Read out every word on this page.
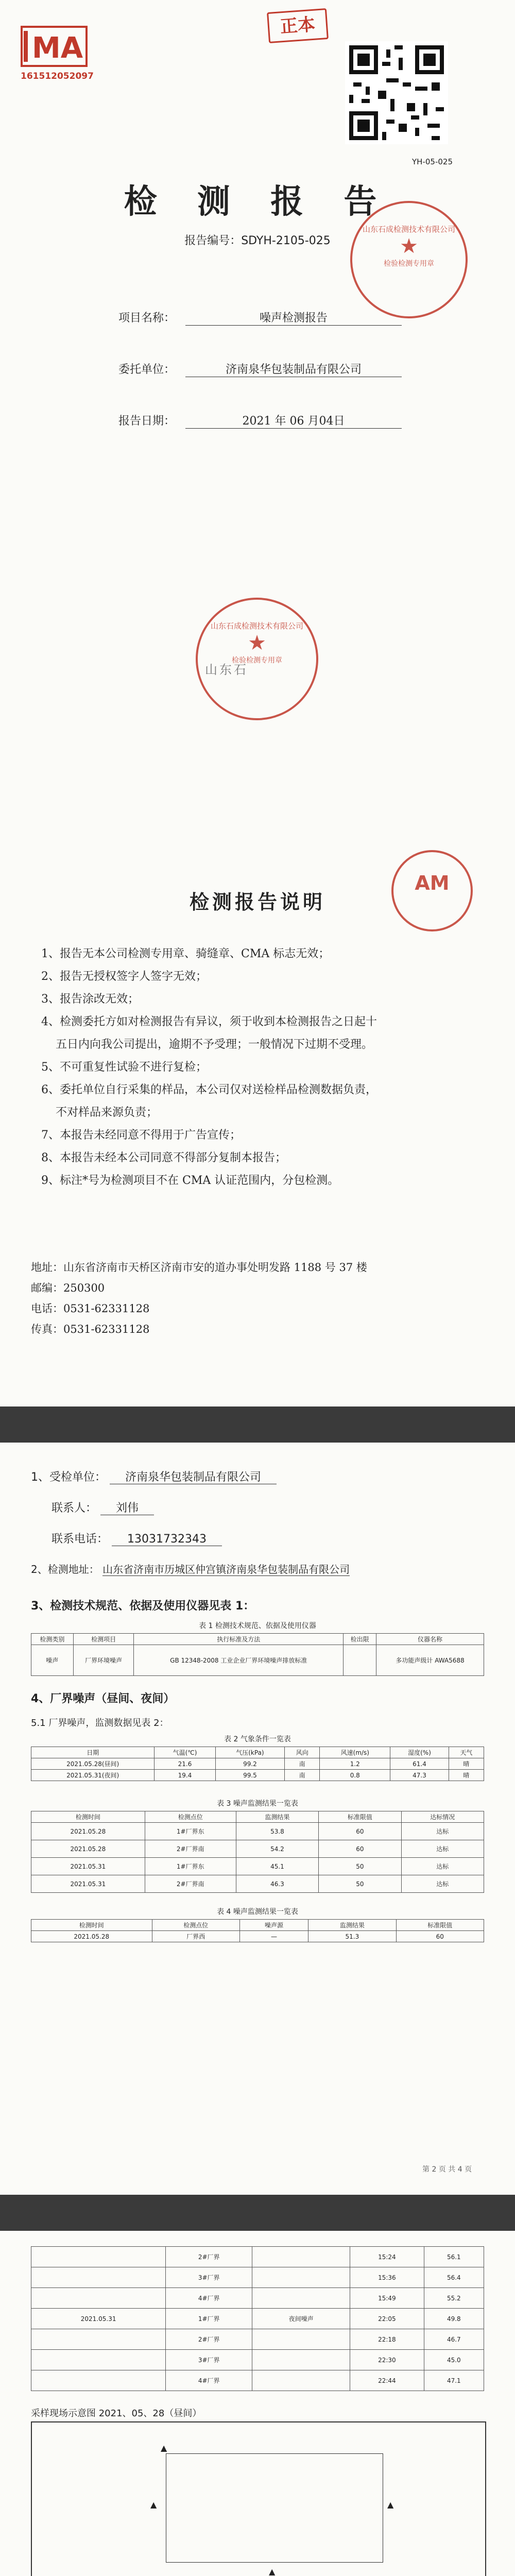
MA
161512052097
正本
YH-05-025
检 测 报 告
报告编号：SDYH-2105-025
项目名称：	噪声检测报告
委托单位：	济南泉华包装制品有限公司
报告日期：	2021 年 06 月04日
山东石成检测技术有限公司
★
检验检测专用章
山东石成检测技术有限公司
★
检验检测专用章
山东石
检测报告说明
AM
1、报告无本公司检测专用章、骑缝章、CMA 标志无效；
2、报告无授权签字人签字无效；
3、报告涂改无效；
4、检测委托方如对检测报告有异议，须于收到本检测报告之日起十
五日内向我公司提出，逾期不予受理；一般情况下过期不受理。
5、不可重复性试验不进行复检；
6、委托单位自行采集的样品，本公司仅对送检样品检测数据负责，
不对样品来源负责；
7、本报告未经同意不得用于广告宣传；
8、本报告未经本公司同意不得部分复制本报告；
9、标注*号为检测项目不在 CMA 认证范围内，分包检测。
地址：山东省济南市天桥区济南市安的道办事处明发路 1188 号 37 楼
邮编：250300
电话：0531-62331128
传真：0531-62331128
1、受检单位： 济南泉华包装制品有限公司
联系人： 刘伟
联系电话： 13031732343
2、检测地址： 山东省济南市历城区仲宫镇济南泉华包装制品有限公司
3、检测技术规范、依据及使用仪器见表 1：
表 1 检测技术规范、依据及使用仪器
检测类别	检测项目	执行标准及方法	检出限	仪器名称
噪声	厂界环境噪声	GB 12348-2008 工业企业厂界环境噪声排放标准		多功能声级计 AWA5688
4、厂界噪声（昼间、夜间）
5.1 厂界噪声，监测数据见表 2：
表 2 气象条件一览表
日期	气温(℃)	气压(kPa)	风向	风速(m/s)	湿度(%)	天气
2021.05.28(昼间)	21.6	99.2	南	1.2	61.4	晴
2021.05.31(夜间)	19.4	99.5	南	0.8	47.3	晴
表 3 噪声监测结果一览表
检测时间	检测点位	监测结果	标准限值	达标情况
2021.05.28	1#厂界东	53.8	60	达标
2021.05.28	2#厂界南	54.2	60	达标
2021.05.31	1#厂界东	45.1	50	达标
2021.05.31	2#厂界南	46.3	50	达标
表 4 噪声监测结果一览表
检测时间	检测点位	噪声源	监测结果	标准限值
2021.05.28	厂界西	—	51.3	60
第 2 页 共 4 页
	2#厂界		15:24	56.1
	3#厂界		15:36	56.4
	4#厂界		15:49	55.2
2021.05.31	1#厂界	夜间噪声	22:05	49.8
	2#厂界		22:18	46.7
	3#厂界		22:30	45.0
	4#厂界		22:44	47.1
采样现场示意图 2021、05、28（昼间）
▲
▲
▲
▲
